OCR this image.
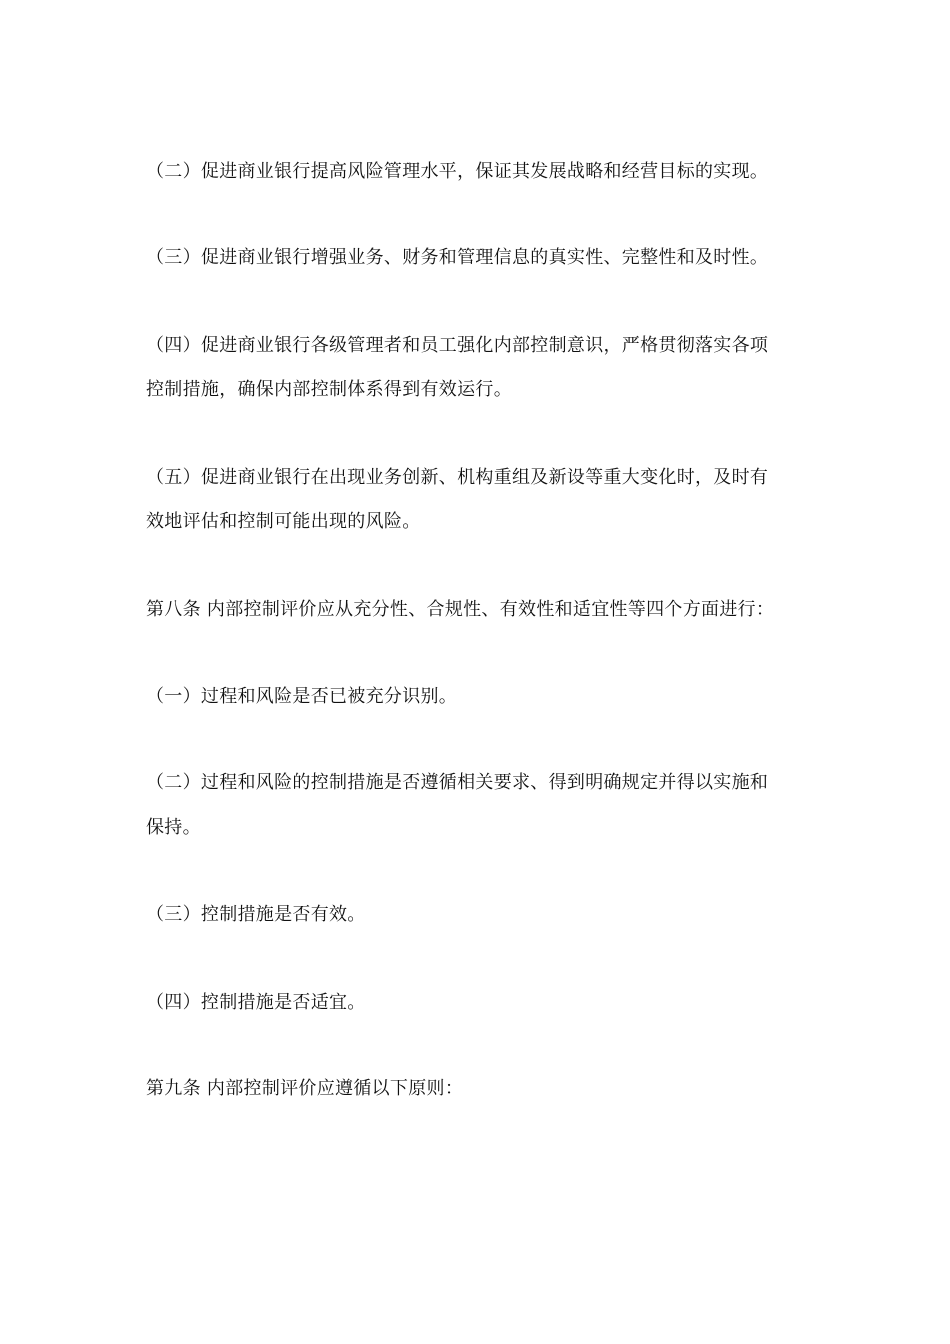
（二）促进商业银行提高风险管理水平，保证其发展战略和经营目标的实现。
（三）促进商业银行增强业务、财务和管理信息的真实性、完整性和及时性。
（四）促进商业银行各级管理者和员工强化内部控制意识，严格贯彻落实各项
控制措施，确保内部控制体系得到有效运行。
（五）促进商业银行在出现业务创新、机构重组及新设等重大变化时，及时有
效地评估和控制可能出现的风险。
第八条 内部控制评价应从充分性、合规性、有效性和适宜性等四个方面进行：
（一）过程和风险是否已被充分识别。
（二）过程和风险的控制措施是否遵循相关要求、得到明确规定并得以实施和
保持。
（三）控制措施是否有效。
（四）控制措施是否适宜。
第九条 内部控制评价应遵循以下原则：
